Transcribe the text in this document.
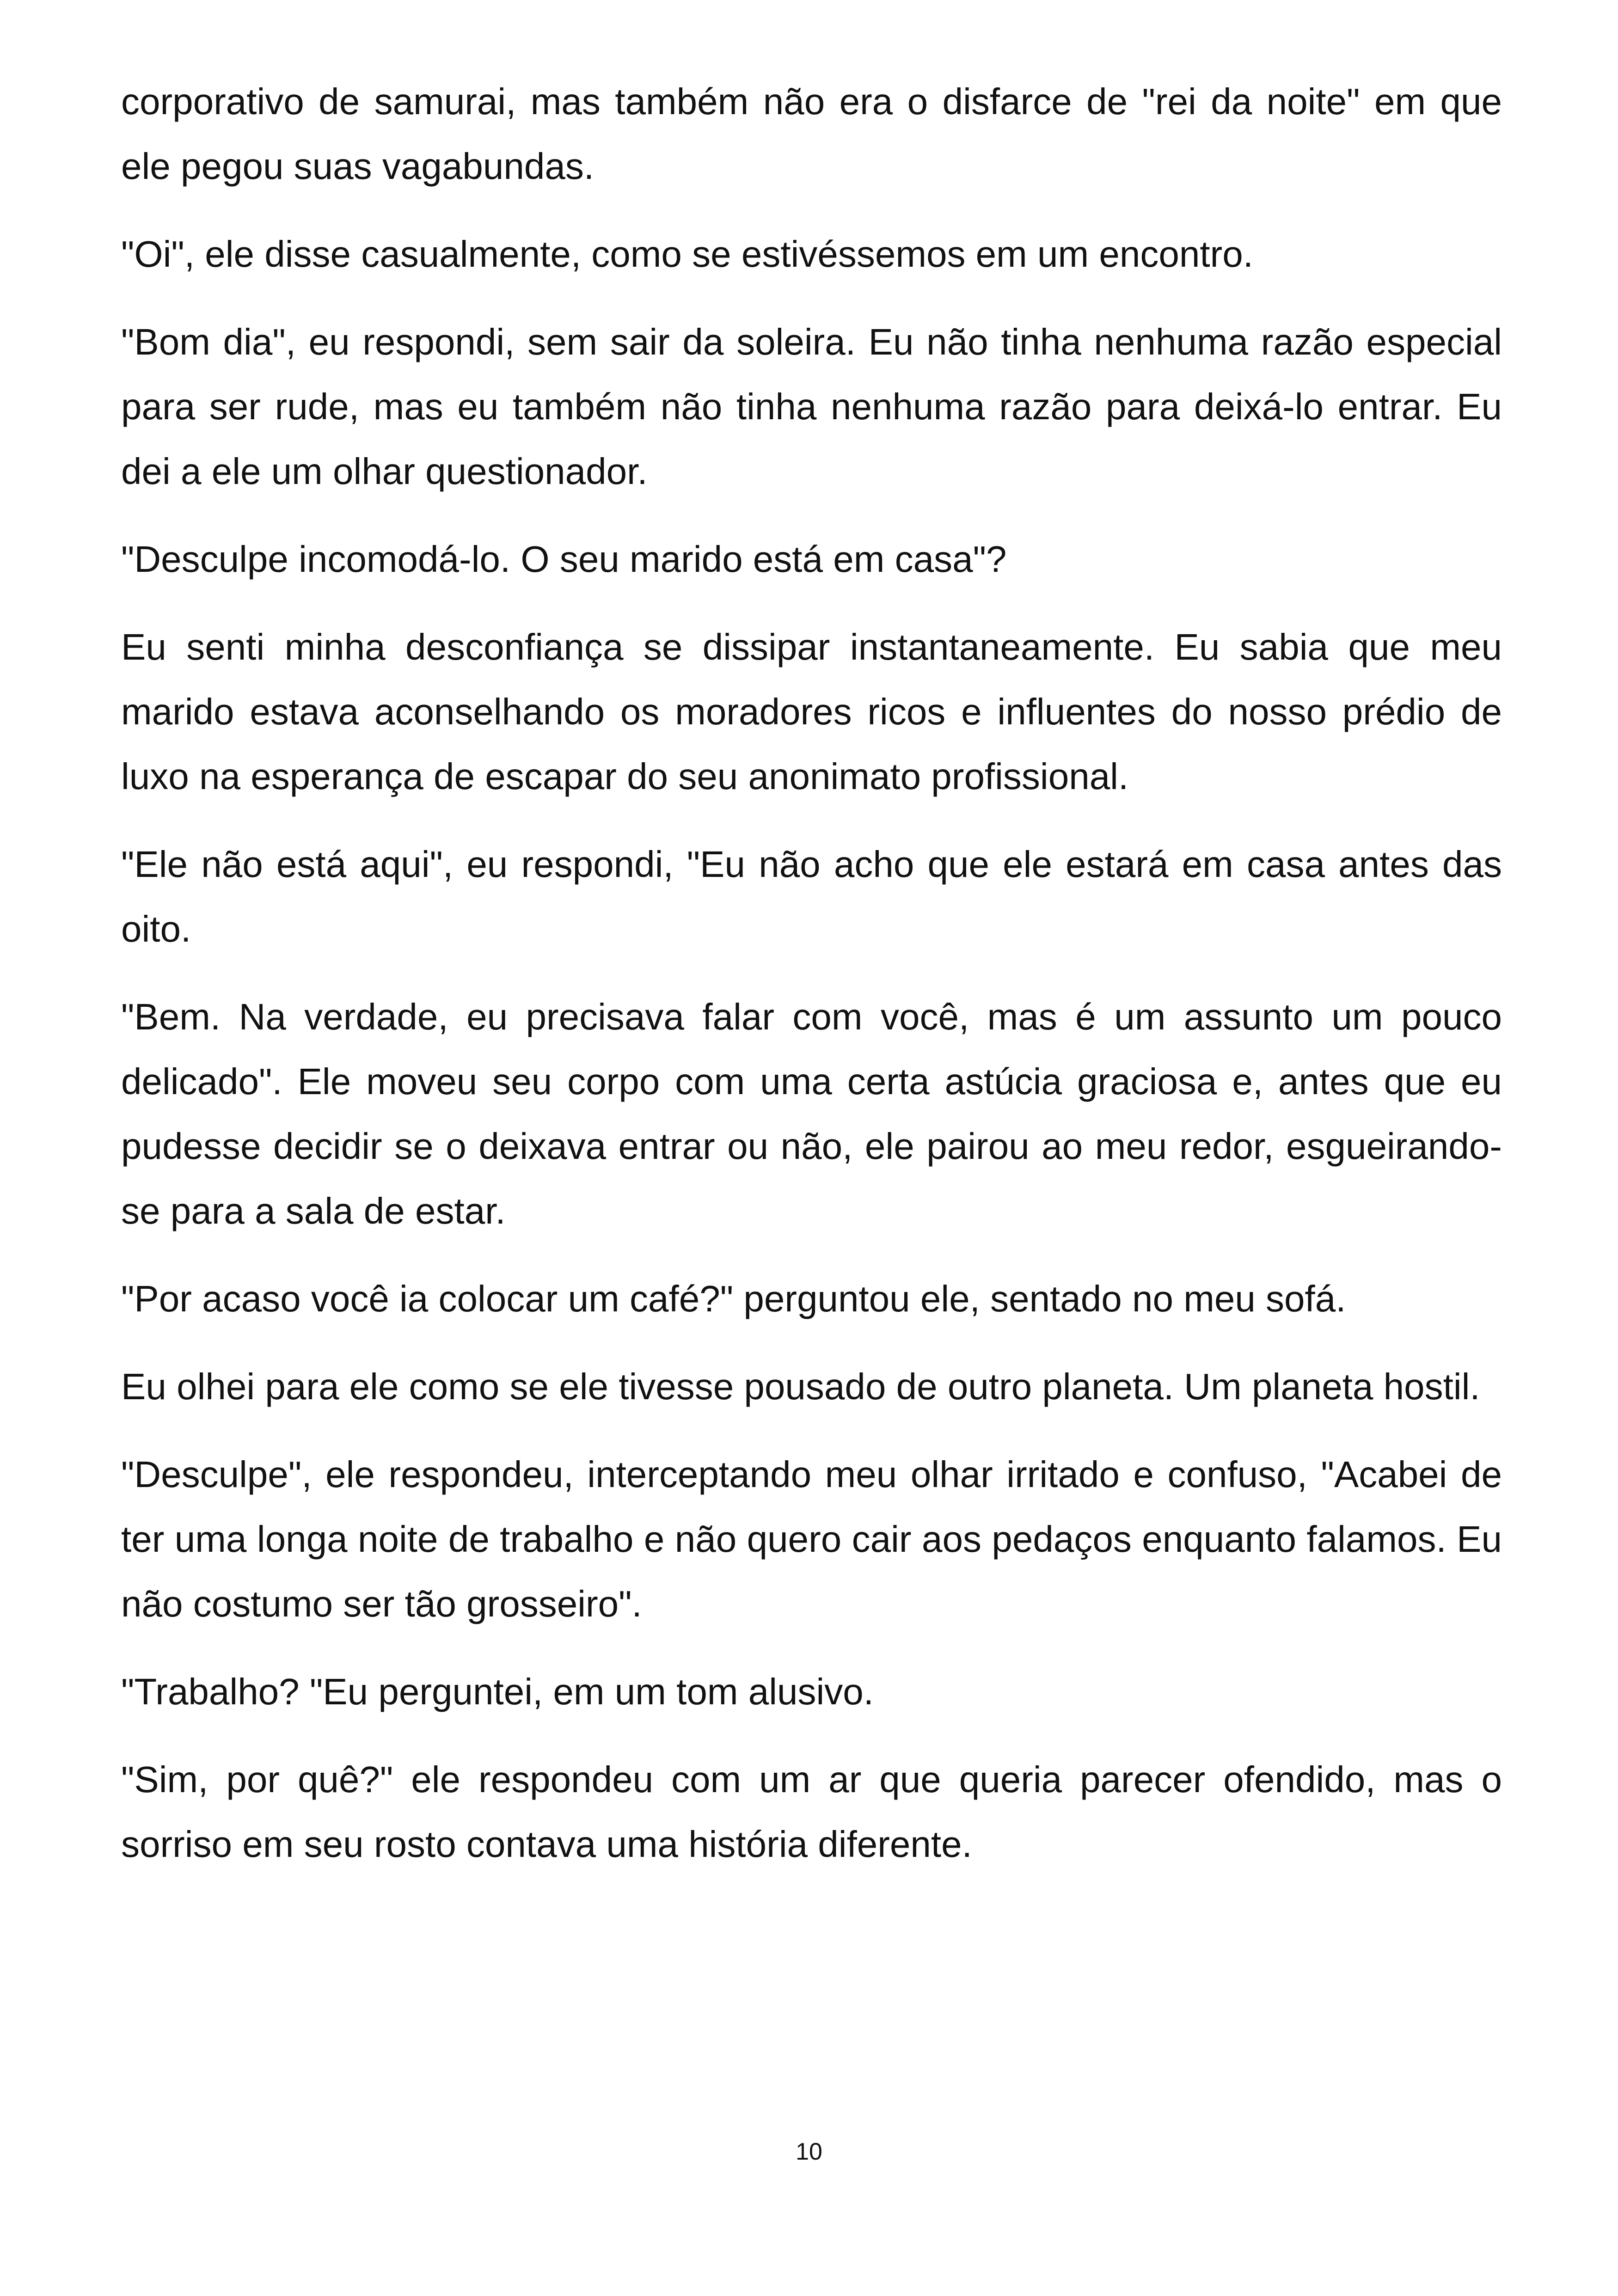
corporativo de samurai, mas também não era o disfarce de "rei da noite" em que ele pegou suas vagabundas.

"Oi", ele disse casualmente, como se estivéssemos em um encontro.

"Bom dia", eu respondi, sem sair da soleira. Eu não tinha nenhuma razão especial para ser rude, mas eu também não tinha nenhuma razão para deixá-lo entrar. Eu dei a ele um olhar questionador.

"Desculpe incomodá-lo. O seu marido está em casa"?

Eu senti minha desconfiança se dissipar instantaneamente. Eu sabia que meu marido estava aconselhando os moradores ricos e influentes do nosso prédio de luxo na esperança de escapar do seu anonimato profissional.

"Ele não está aqui", eu respondi, "Eu não acho que ele estará em casa antes das oito.

"Bem. Na verdade, eu precisava falar com você, mas é um assunto um pouco delicado". Ele moveu seu corpo com uma certa astúcia graciosa e, antes que eu pudesse decidir se o deixava entrar ou não, ele pairou ao meu redor, esgueirando-se para a sala de estar.

"Por acaso você ia colocar um café?" perguntou ele, sentado no meu sofá.

Eu olhei para ele como se ele tivesse pousado de outro planeta. Um planeta hostil.

"Desculpe", ele respondeu, interceptando meu olhar irritado e confuso, "Acabei de ter uma longa noite de trabalho e não quero cair aos pedaços enquanto falamos. Eu não costumo ser tão grosseiro".

"Trabalho? "Eu perguntei, em um tom alusivo.

"Sim, por quê?" ele respondeu com um ar que queria parecer ofendido, mas o sorriso em seu rosto contava uma história diferente.

10
